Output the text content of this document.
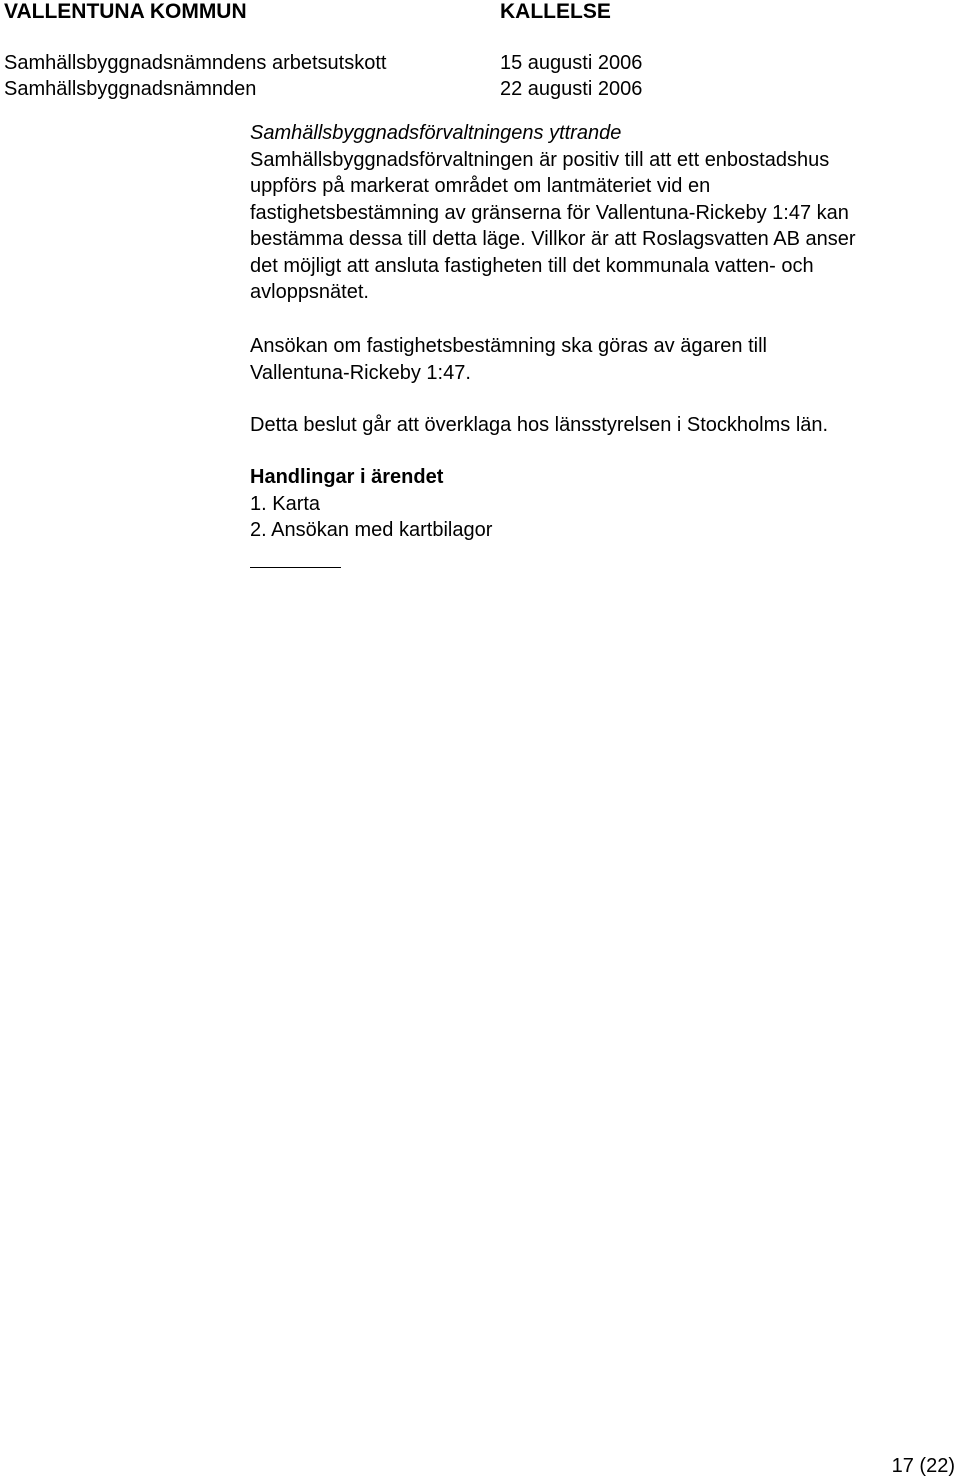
VALLENTUNA KOMMUN	KALLELSE
Samhällsbyggnadsnämndens arbetsutskott	15 augusti 2006
Samhällsbyggnadsnämnden	22 augusti 2006
Samhällsbyggnadsförvaltningens yttrande
Samhällsbyggnadsförvaltningen är positiv till att ett enbostadshus
uppförs på markerat området om lantmäteriet vid en
fastighetsbestämning av gränserna för Vallentuna-Rickeby 1:47 kan
bestämma dessa till detta läge. Villkor är att Roslagsvatten AB anser
det möjligt att ansluta fastigheten till det kommunala vatten- och
avloppsnätet.
Ansökan om fastighetsbestämning ska göras av ägaren till
Vallentuna-Rickeby 1:47.
Detta beslut går att överklaga hos länsstyrelsen i Stockholms län.
Handlingar i ärendet
1. Karta
2. Ansökan med kartbilagor
17 (22)
